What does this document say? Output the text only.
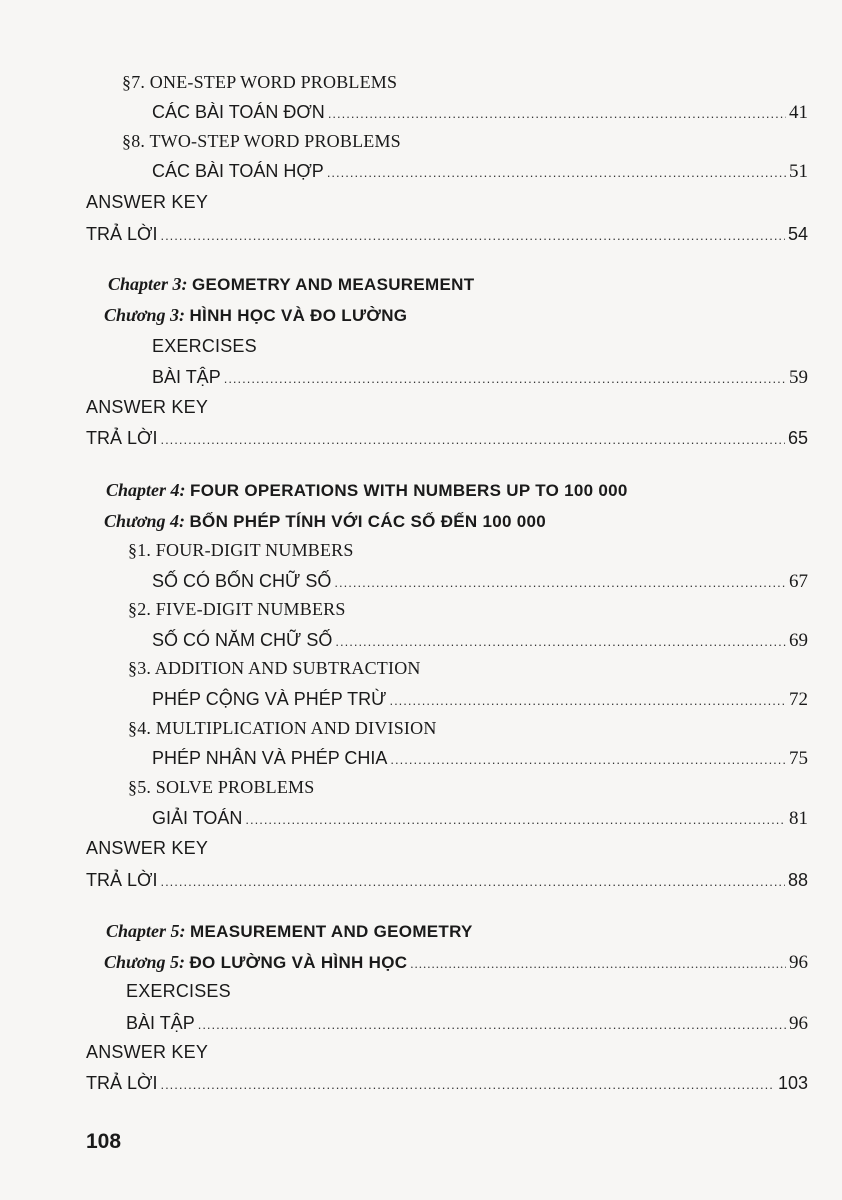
§7. ONE-STEP WORD PROBLEMS
CÁC BÀI TOÁN ĐƠN .....	41
§8. TWO-STEP WORD PROBLEMS
CÁC BÀI TOÁN HỢP .....	51
ANSWER KEY
TRẢ LỜI .....	54
Chapter 3: GEOMETRY AND MEASUREMENT
Chương 3: HÌNH HỌC VÀ ĐO LƯỜNG
EXERCISES
BÀI TẬP .....	59
ANSWER KEY
TRẢ LỜI .....	65
Chapter 4: FOUR OPERATIONS WITH NUMBERS UP TO 100 000
Chương 4: BỐN PHÉP TÍNH VỚI CÁC SỐ ĐẾN 100 000
§1. FOUR-DIGIT NUMBERS
SỐ CÓ BỐN CHỮ SỐ .....	67
§2. FIVE-DIGIT NUMBERS
SỐ CÓ NĂM CHỮ SỐ .....	69
§3. ADDITION AND SUBTRACTION
PHÉP CỘNG VÀ PHÉP TRỪ .....	72
§4. MULTIPLICATION AND DIVISION
PHÉP NHÂN VÀ PHÉP CHIA .....	75
§5. SOLVE PROBLEMS
GIẢI TOÁN .....	81
ANSWER KEY
TRẢ LỜI .....	88
Chapter 5: MEASUREMENT AND GEOMETRY
Chương 5: ĐO LƯỜNG VÀ HÌNH HỌC .....	96
EXERCISES
BÀI TẬP .....	96
ANSWER KEY
TRẢ LỜI .....	103
108
